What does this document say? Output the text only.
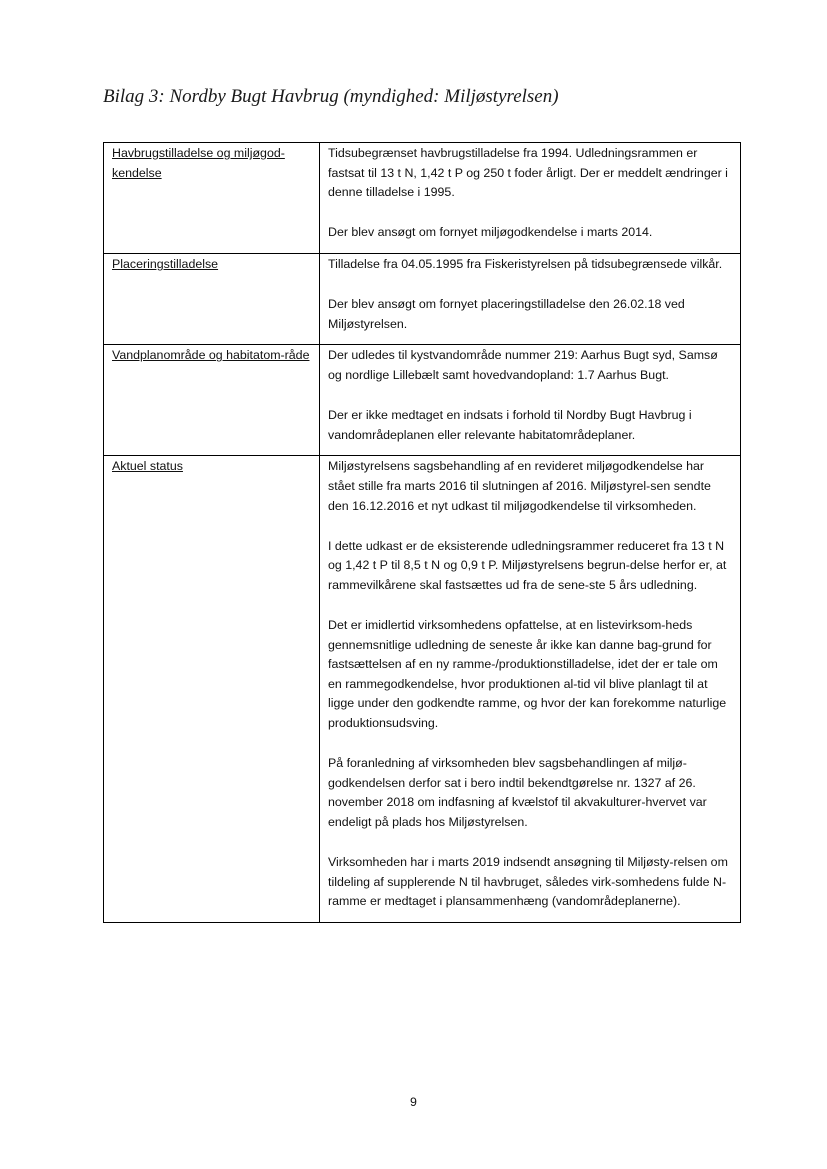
Bilag 3: Nordby Bugt Havbrug (myndighed: Miljøstyrelsen)
Havbrugstilladelse og miljøgod-kendelse	Tidsubegrænset havbrugstilladelse fra 1994. Udledningsrammen er fastsat til 13 t N, 1,42 t P og 250 t foder årligt. Der er meddelt ændringer i denne tilladelse i 1995.

Der blev ansøgt om fornyet miljøgodkendelse i marts 2014.

Placeringstilladelse	Tilladelse fra 04.05.1995 fra Fiskeristyrelsen på tidsubegrænsede vilkår.

Der blev ansøgt om fornyet placeringstilladelse den 26.02.18 ved Miljøstyrelsen.

Vandplanområde og habitatom-råde	Der udledes til kystvandområde nummer 219: Aarhus Bugt syd, Samsø og nordlige Lillebælt samt hovedvandopland: 1.7 Aarhus Bugt.

Der er ikke medtaget en indsats i forhold til Nordby Bugt Havbrug i vandområdeplanen eller relevante habitatområdeplaner.

Aktuel status	Miljøstyrelsens sagsbehandling af en revideret miljøgodkendelse har stået stille fra marts 2016 til slutningen af 2016. Miljøstyrel-sen sendte den 16.12.2016 et nyt udkast til miljøgodkendelse til virksomheden.

I dette udkast er de eksisterende udledningsrammer reduceret fra 13 t N og 1,42 t P til 8,5 t N og 0,9 t P. Miljøstyrelsens begrun-delse herfor er, at rammevilkårene skal fastsættes ud fra de sene-ste 5 års udledning.

Det er imidlertid virksomhedens opfattelse, at en listevirksom-heds gennemsnitlige udledning de seneste år ikke kan danne bag-grund for fastsættelsen af en ny ramme-/produktionstilladelse, idet der er tale om en rammegodkendelse, hvor produktionen al-tid vil blive planlagt til at ligge under den godkendte ramme, og hvor der kan forekomme naturlige produktionsudsving.

På foranledning af virksomheden blev sagsbehandlingen af miljø-godkendelsen derfor sat i bero indtil bekendtgørelse nr. 1327 af 26. november 2018 om indfasning af kvælstof til akvakulturer-hvervet var endeligt på plads hos Miljøstyrelsen.

Virksomheden har i marts 2019 indsendt ansøgning til Miljøsty-relsen om tildeling af supplerende N til havbruget, således virk-somhedens fulde N-ramme er medtaget i plansammenhæng (vandområdeplanerne).

9
